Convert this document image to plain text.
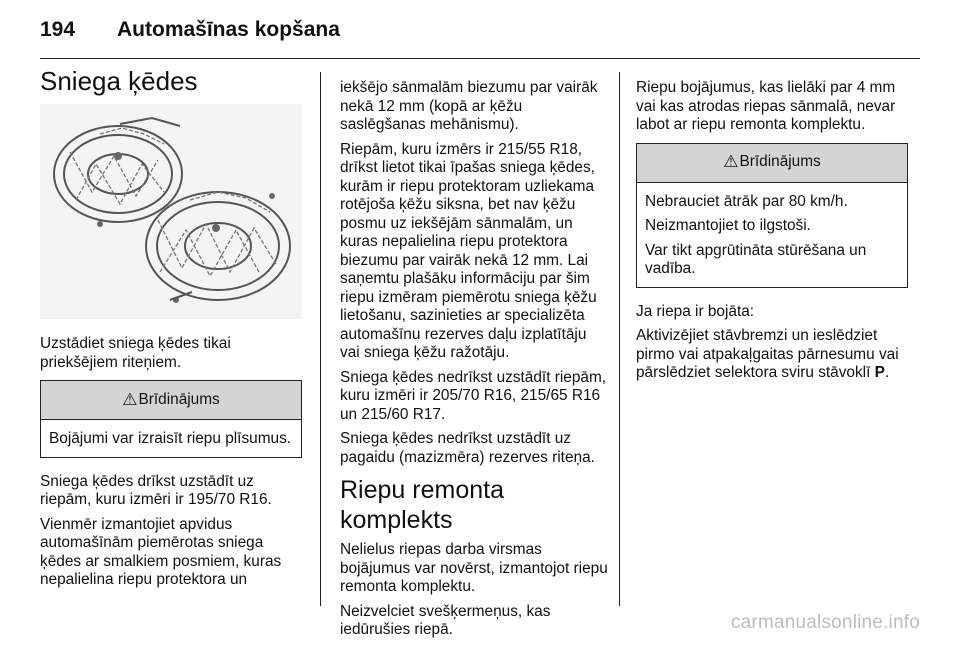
194	Automašīnas kopšana
Sniega ķēdes

Uzstādiet sniega ķēdes tikai priekšējiem riteņiem.

⚠ Brīdinājums

Bojājumi var izraisīt riepu plīsumus.

Sniega ķēdes drīkst uzstādīt uz riepām, kuru izmēri ir 195/70 R16.

Vienmēr izmantojiet apvidus automašīnām piemērotas sniega ķēdes ar smalkiem posmiem, kuras nepalielina riepu protektora un

iekšējo sānmalām biezumu par vairāk nekā 12 mm (kopā ar ķēžu saslēgšanas mehānismu).

Riepām, kuru izmērs ir 215/55 R18, drīkst lietot tikai īpašas sniega ķēdes, kurām ir riepu protektoram uzliekama rotējoša ķēžu siksna, bet nav ķēžu posmu uz iekšējām sānmalām, un kuras nepalielina riepu protektora biezumu par vairāk nekā 12 mm. Lai saņemtu plašāku informāciju par šim riepu izmēram piemērotu sniega ķēžu lietošanu, sazinieties ar specializēta automašīnu rezerves daļu izplatītāju vai sniega ķēžu ražotāju.

Sniega ķēdes nedrīkst uzstādīt riepām, kuru izmēri ir 205/70 R16, 215/65 R16 un 215/60 R17.

Sniega ķēdes nedrīkst uzstādīt uz pagaidu (mazizmēra) rezerves riteņa.

Riepu remonta komplekts

Nelielus riepas darba virsmas bojājumus var novērst, izmantojot riepu remonta komplektu.

Neizvelciet svešķermeņus, kas iedūrušies riepā.

Riepu bojājumus, kas lielāki par 4 mm vai kas atrodas riepas sānmalā, nevar labot ar riepu remonta komplektu.

⚠ Brīdinājums

Nebrauciet ātrāk par 80 km/h.

Neizmantojiet to ilgstoši.

Var tikt apgrūtināta stūrēšana un vadība.

Ja riepa ir bojāta:

Aktivizējiet stāvbremzi un ieslēdziet pirmo vai atpakaļgaitas pārnesumu vai pārslēdziet selektora sviru stāvoklī P.

carmanualsonline.info
